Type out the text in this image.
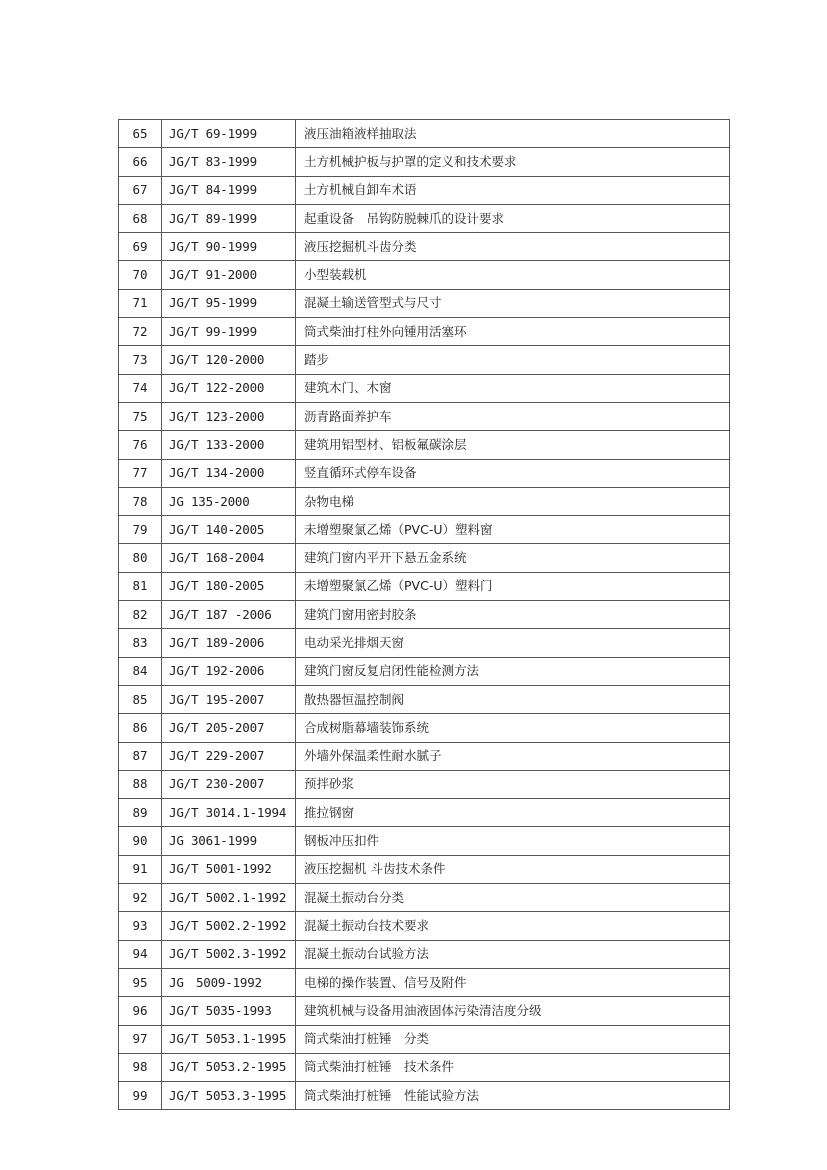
65	JG/T 69-1999	液压油箱液样抽取法
66	JG/T 83-1999	土方机械护板与护罩的定义和技术要求
67	JG/T 84-1999	土方机械自卸车术语
68	JG/T 89-1999	起重设备　吊钩防脱棘爪的设计要求
69	JG/T 90-1999	液压挖掘机斗齿分类
70	JG/T 91-2000	小型装载机
71	JG/T 95-1999	混凝土输送管型式与尺寸
72	JG/T 99-1999	筒式柴油打柱外向锺用活塞环
73	JG/T 120-2000	踏步
74	JG/T 122-2000	建筑木门、木窗
75	JG/T 123-2000	沥青路面养护车
76	JG/T 133-2000	建筑用铝型材、铝板氟碳涂层
77	JG/T 134-2000	竖直循环式停车设备
78	JG 135-2000	杂物电梯
79	JG/T 140-2005	未增塑聚氯乙烯（PVC-U）塑料窗
80	JG/T 168-2004	建筑门窗内平开下悬五金系统
81	JG/T 180-2005	未增塑聚氯乙烯（PVC-U）塑料门
82	JG/T 187 -2006	建筑门窗用密封胶条
83	JG/T 189-2006	电动采光排烟天窗
84	JG/T 192-2006	建筑门窗反复启闭性能检测方法
85	JG/T 195-2007	散热器恒温控制阀
86	JG/T 205-2007	合成树脂幕墙装饰系统
87	JG/T 229-2007	外墙外保温柔性耐水腻子
88	JG/T 230-2007	预拌砂浆
89	JG/T 3014.1-1994	推拉钢窗
90	JG 3061-1999	钢板冲压扣件
91	JG/T 5001-1992	液压挖掘机 斗齿技术条件
92	JG/T 5002.1-1992	混凝土振动台分类
93	JG/T 5002.2-1992	混凝土振动台技术要求
94	JG/T 5002.3-1992	混凝土振动台试验方法
95	JG　5009-1992	电梯的操作装置、信号及附件
96	JG/T 5035-1993	建筑机械与设备用油液固体污染清洁度分级
97	JG/T 5053.1-1995	筒式柴油打桩锤　分类
98	JG/T 5053.2-1995	筒式柴油打桩锤　技术条件
99	JG/T 5053.3-1995	筒式柴油打桩锤　性能试验方法
